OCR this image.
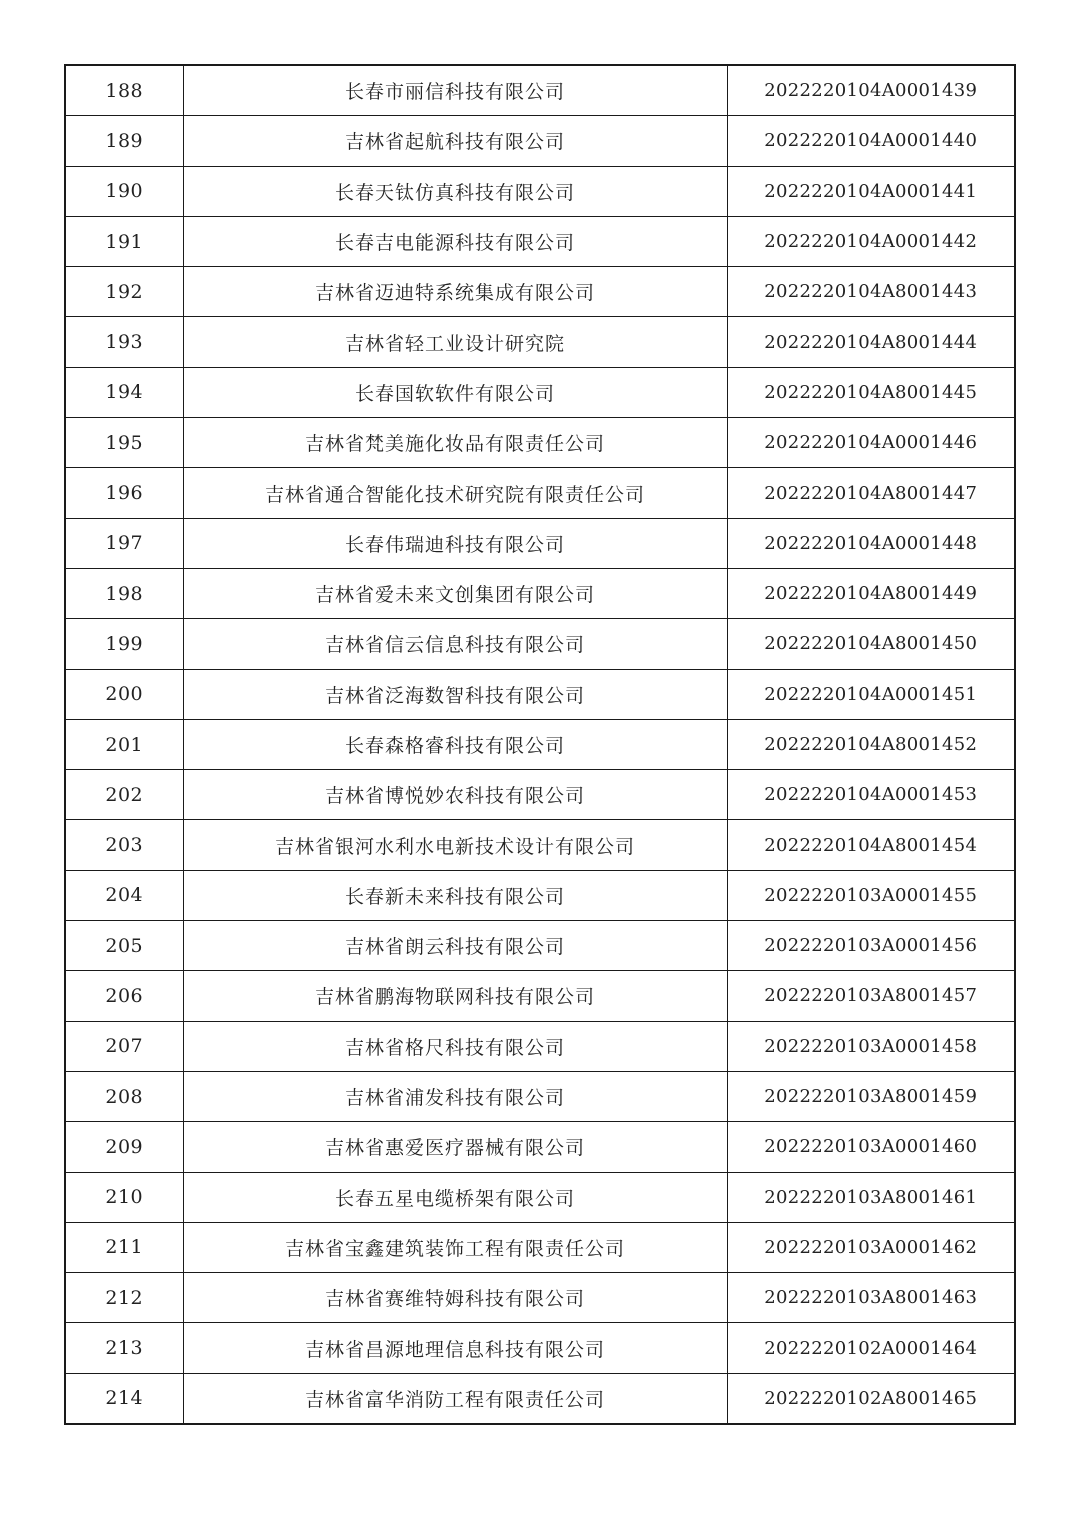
188	长春市丽信科技有限公司	2022220104A0001439
189	吉林省起航科技有限公司	2022220104A0001440
190	长春天钛仿真科技有限公司	2022220104A0001441
191	长春吉电能源科技有限公司	2022220104A0001442
192	吉林省迈迪特系统集成有限公司	2022220104A8001443
193	吉林省轻工业设计研究院	2022220104A8001444
194	长春国软软件有限公司	2022220104A8001445
195	吉林省梵美施化妆品有限责任公司	2022220104A0001446
196	吉林省通合智能化技术研究院有限责任公司	2022220104A8001447
197	长春伟瑞迪科技有限公司	2022220104A0001448
198	吉林省爱未来文创集团有限公司	2022220104A8001449
199	吉林省信云信息科技有限公司	2022220104A8001450
200	吉林省泛海数智科技有限公司	2022220104A0001451
201	长春森格睿科技有限公司	2022220104A8001452
202	吉林省博悦妙农科技有限公司	2022220104A0001453
203	吉林省银河水利水电新技术设计有限公司	2022220104A8001454
204	长春新未来科技有限公司	2022220103A0001455
205	吉林省朗云科技有限公司	2022220103A0001456
206	吉林省鹏海物联网科技有限公司	2022220103A8001457
207	吉林省格尺科技有限公司	2022220103A0001458
208	吉林省浦发科技有限公司	2022220103A8001459
209	吉林省惠爱医疗器械有限公司	2022220103A0001460
210	长春五星电缆桥架有限公司	2022220103A8001461
211	吉林省宝鑫建筑装饰工程有限责任公司	2022220103A0001462
212	吉林省赛维特姆科技有限公司	2022220103A8001463
213	吉林省昌源地理信息科技有限公司	2022220102A0001464
214	吉林省富华消防工程有限责任公司	2022220102A8001465
